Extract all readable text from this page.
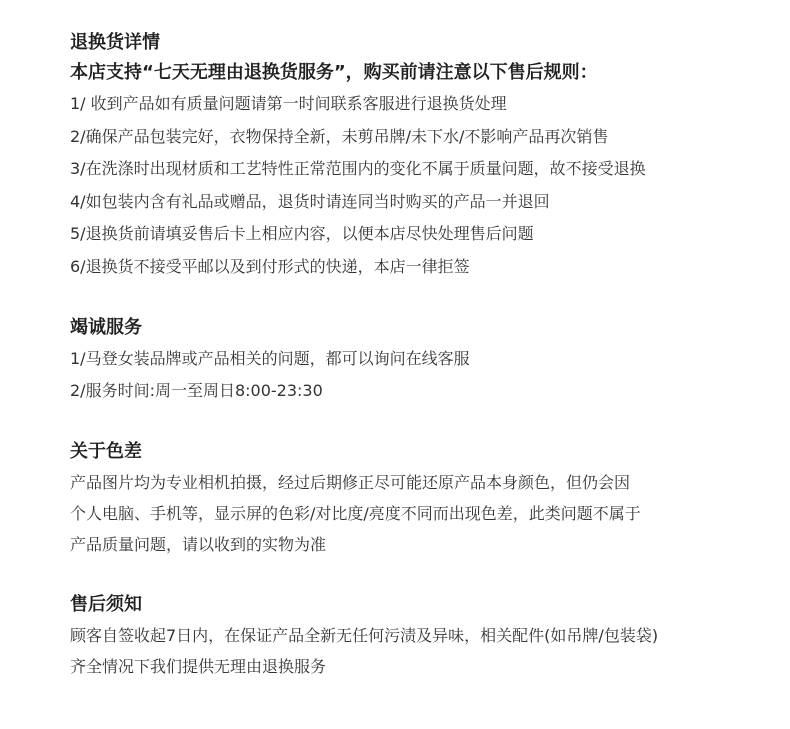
退换货详情

本店支持“七天无理由退换货服务”，购买前请注意以下售后规则：

1/ 收到产品如有质量问题请第一时间联系客服进行退换货处理

2/确保产品包装完好，衣物保持全新，未剪吊牌/未下水/不影响产品再次销售

3/在洗涤时出现材质和工艺特性正常范围内的变化不属于质量问题，故不接受退换

4/如包装内含有礼品或赠品，退货时请连同当时购买的产品一并退回

5/退换货前请填妥售后卡上相应内容，以便本店尽快处理售后问题

6/退换货不接受平邮以及到付形式的快递，本店一律拒签

竭诚服务

1/马登女装品牌或产品相关的问题，都可以询问在线客服

2/服务时间:周一至周日8:00-23:30

关于色差

产品图片均为专业相机拍摄，经过后期修正尽可能还原产品本身颜色，但仍会因

个人电脑、手机等，显示屏的色彩/对比度/亮度不同而出现色差，此类问题不属于

产品质量问题，请以收到的实物为准

售后须知

顾客自签收起7日内，在保证产品全新无任何污渍及异味，相关配件(如吊牌/包装袋)

齐全情况下我们提供无理由退换服务
